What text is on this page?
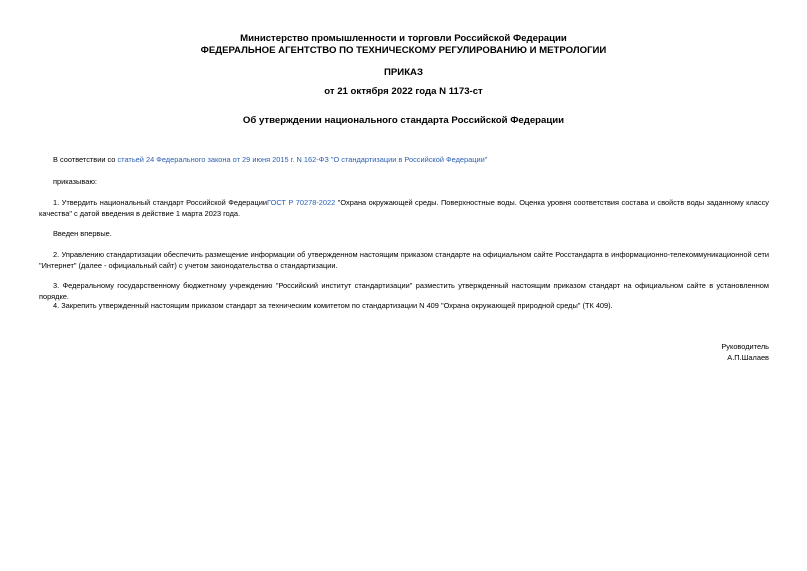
Министерство промышленности и торговли Российской Федерации
ФЕДЕРАЛЬНОЕ АГЕНТСТВО ПО ТЕХНИЧЕСКОМУ РЕГУЛИРОВАНИЮ И МЕТРОЛОГИИ
ПРИКАЗ
от 21 октября 2022 года N 1173-ст
Об утверждении национального стандарта Российской Федерации
В соответствии со статьей 24 Федерального закона от 29 июня 2015 г. N 162-ФЗ "О стандартизации в Российской Федерации"
приказываю:
1. Утвердить национальный стандарт Российской ФедерацииГОСТ Р 70278-2022 "Охрана окружающей среды. Поверхностные воды. Оценка уровня соответствия состава и свойств воды заданному классу качества" с датой введения в действие 1 марта 2023 года.
Введен впервые.
2. Управлению стандартизации обеспечить размещение информации об утвержденном настоящим приказом стандарте на официальном сайте Росстандарта в информационно-телекоммуникационной сети "Интернет" (далее - официальный сайт) с учетом законодательства о стандартизации.
3. Федеральному государственному бюджетному учреждению "Российский институт стандартизации" разместить утвержденный настоящим приказом стандарт на официальном сайте в установленном порядке.
4. Закрепить утвержденный настоящим приказом стандарт за техническим комитетом по стандартизации N 409 "Охрана окружающей природной среды" (ТК 409).
Руководитель
А.П.Шалаев
